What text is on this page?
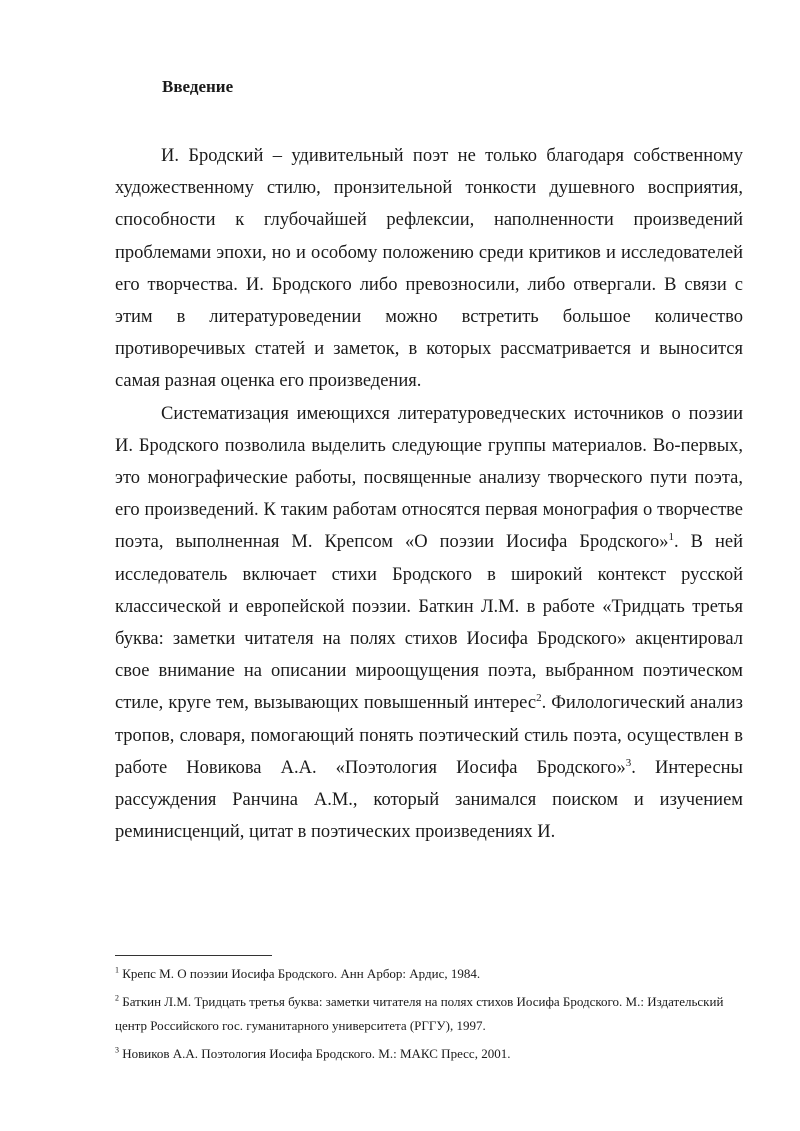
Введение

И. Бродский – удивительный поэт не только благодаря собственному художественному стилю, пронзительной тонкости душевного восприятия, способности к глубочайшей рефлексии, наполненности произведений проблемами эпохи, но и особому положению среди критиков и исследователей его творчества. И. Бродского либо превозносили, либо отвергали. В связи с этим в литературоведении можно встретить большое количество противоречивых статей и заметок, в которых рассматривается и выносится самая разная оценка его произведения.

Систематизация имеющихся литературоведческих источников о поэзии И. Бродского позволила выделить следующие группы материалов. Во-первых, это монографические работы, посвященные анализу творческого пути поэта, его произведений. К таким работам относятся первая монография о творчестве поэта, выполненная М. Крепсом «О поэзии Иосифа Бродского»$^1$. В ней исследователь включает стихи Бродского в широкий контекст русской классической и европейской поэзии. Баткин Л.М. в работе «Тридцать третья буква: заметки читателя на полях стихов Иосифа Бродского» акцентировал свое внимание на описании мироощущения поэта, выбранном поэтическом стиле, круге тем, вызывающих повышенный интерес$^2$. Филологический анализ тропов, словаря, помогающий понять поэтический стиль поэта, осуществлен в работе Новикова А.А. «Поэтология Иосифа Бродского»$^3$. Интересны рассуждения Ранчина А.М., который занимался поиском и изучением реминисценций, цитат в поэтических произведениях И.

$^1$ Крепс М. О поэзии Иосифа Бродского. Анн Арбор: Ардис, 1984.

$^2$ Баткин Л.М. Тридцать третья буква: заметки читателя на полях стихов Иосифа Бродского. М.: Издательский центр Российского гос. гуманитарного университета (РГГУ), 1997.

$^3$ Новиков А.А. Поэтология Иосифа Бродского. М.: МАКС Пресс, 2001.
